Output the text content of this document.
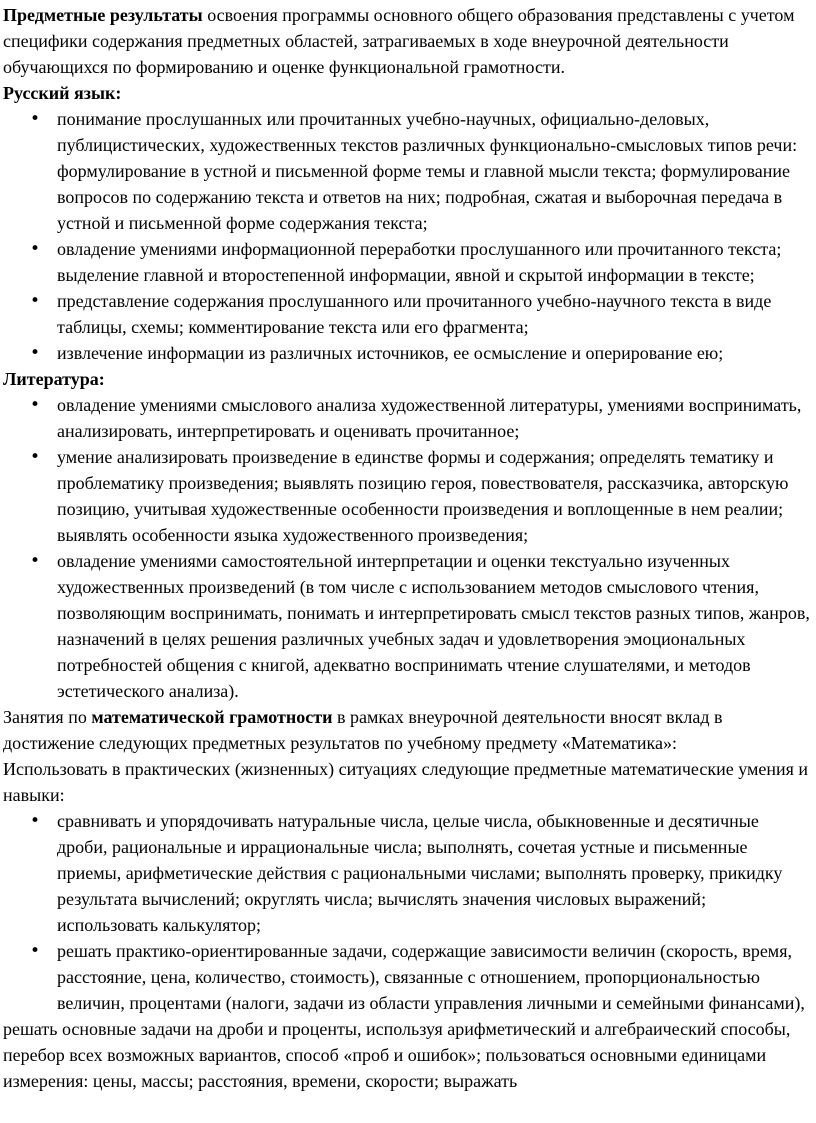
Предметные результаты освоения программы основного общего образования представлены с учетом специфики содержания предметных областей, затрагиваемых в ходе внеурочной деятельности обучающихся по формированию и оценке функциональной грамотности.

Русский язык:

• понимание прослушанных или прочитанных учебно-научных, официально-деловых, публицистических, художественных текстов различных функционально-смысловых типов речи: формулирование в устной и письменной форме темы и главной мысли текста; формулирование вопросов по содержанию текста и ответов на них; подробная, сжатая и выборочная передача в устной и письменной форме содержания текста;
• овладение умениями информационной переработки прослушанного или прочитанного текста; выделение главной и второстепенной информации, явной и скрытой информации в тексте;
• представление содержания прослушанного или прочитанного учебно-научного текста в виде таблицы, схемы; комментирование текста или его фрагмента;
• извлечение информации из различных источников, ее осмысление и оперирование ею;

Литература:

• овладение умениями смыслового анализа художественной литературы, умениями воспринимать, анализировать, интерпретировать и оценивать прочитанное;
• умение анализировать произведение в единстве формы и содержания; определять тематику и проблематику произведения; выявлять позицию героя, повествователя, рассказчика, авторскую позицию, учитывая художественные особенности произведения и воплощенные в нем реалии; выявлять особенности языка художественного произведения;
• овладение умениями самостоятельной интерпретации и оценки текстуально изученных художественных произведений (в том числе с использованием методов смыслового чтения, позволяющим воспринимать, понимать и интерпретировать смысл текстов разных типов, жанров, назначений в целях решения различных учебных задач и удовлетворения эмоциональных потребностей общения с книгой, адекватно воспринимать чтение слушателями, и методов эстетического анализа).

Занятия по математической грамотности в рамках внеурочной деятельности вносят вклад в достижение следующих предметных результатов по учебному предмету «Математика»:

Использовать в практических (жизненных) ситуациях следующие предметные математические умения и навыки:

• сравнивать и упорядочивать натуральные числа, целые числа, обыкновенные и десятичные дроби, рациональные и иррациональные числа; выполнять, сочетая устные и письменные приемы, арифметические действия с рациональными числами; выполнять проверку, прикидку результата вычислений; округлять числа; вычислять значения числовых выражений; использовать калькулятор;
• решать практико-ориентированные задачи, содержащие зависимости величин (скорость, время, расстояние, цена, количество, стоимость), связанные с отношением, пропорциональностью величин, процентами (налоги, задачи из области управления личными и семейными финансами),

решать основные задачи на дроби и проценты, используя арифметический и алгебраический способы, перебор всех возможных вариантов, способ «проб и ошибок»; пользоваться основными единицами измерения: цены, массы; расстояния, времени, скорости; выражать
